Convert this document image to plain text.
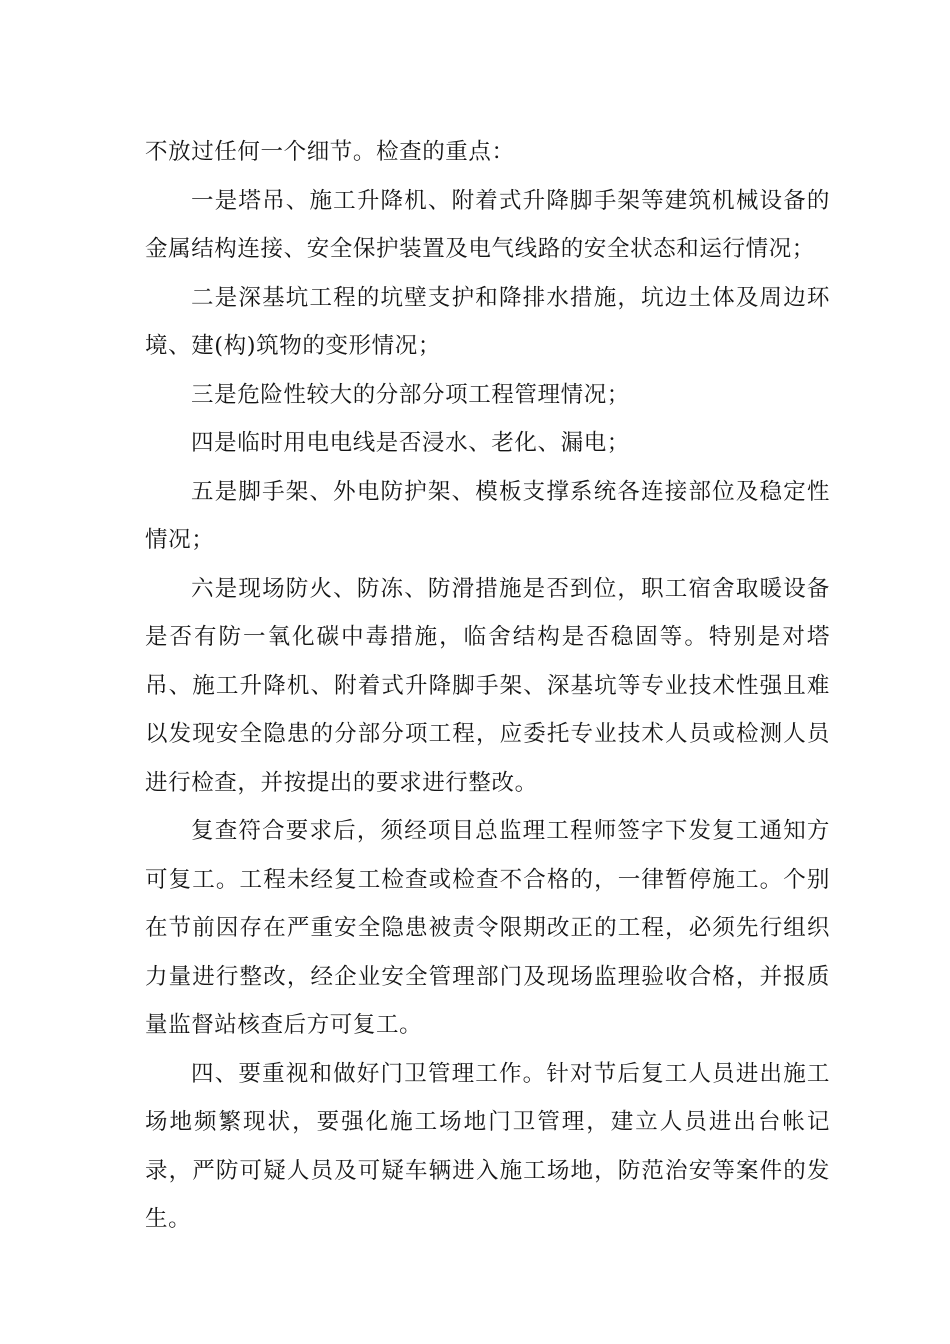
不放过任何一个细节。检查的重点：

一是塔吊、施工升降机、附着式升降脚手架等建筑机械设备的金属结构连接、安全保护装置及电气线路的安全状态和运行情况；

二是深基坑工程的坑壁支护和降排水措施，坑边土体及周边环境、建(构)筑物的变形情况；

三是危险性较大的分部分项工程管理情况；

四是临时用电电线是否浸水、老化、漏电；

五是脚手架、外电防护架、模板支撑系统各连接部位及稳定性情况；

六是现场防火、防冻、防滑措施是否到位，职工宿舍取暖设备是否有防一氧化碳中毒措施，临舍结构是否稳固等。特别是对塔吊、施工升降机、附着式升降脚手架、深基坑等专业技术性强且难以发现安全隐患的分部分项工程，应委托专业技术人员或检测人员进行检查，并按提出的要求进行整改。

复查符合要求后，须经项目总监理工程师签字下发复工通知方可复工。工程未经复工检查或检查不合格的，一律暂停施工。个别在节前因存在严重安全隐患被责令限期改正的工程，必须先行组织力量进行整改，经企业安全管理部门及现场监理验收合格，并报质量监督站核查后方可复工。

四、要重视和做好门卫管理工作。针对节后复工人员进出施工场地频繁现状，要强化施工场地门卫管理，建立人员进出台帐记录，严防可疑人员及可疑车辆进入施工场地，防范治安等案件的发生。
